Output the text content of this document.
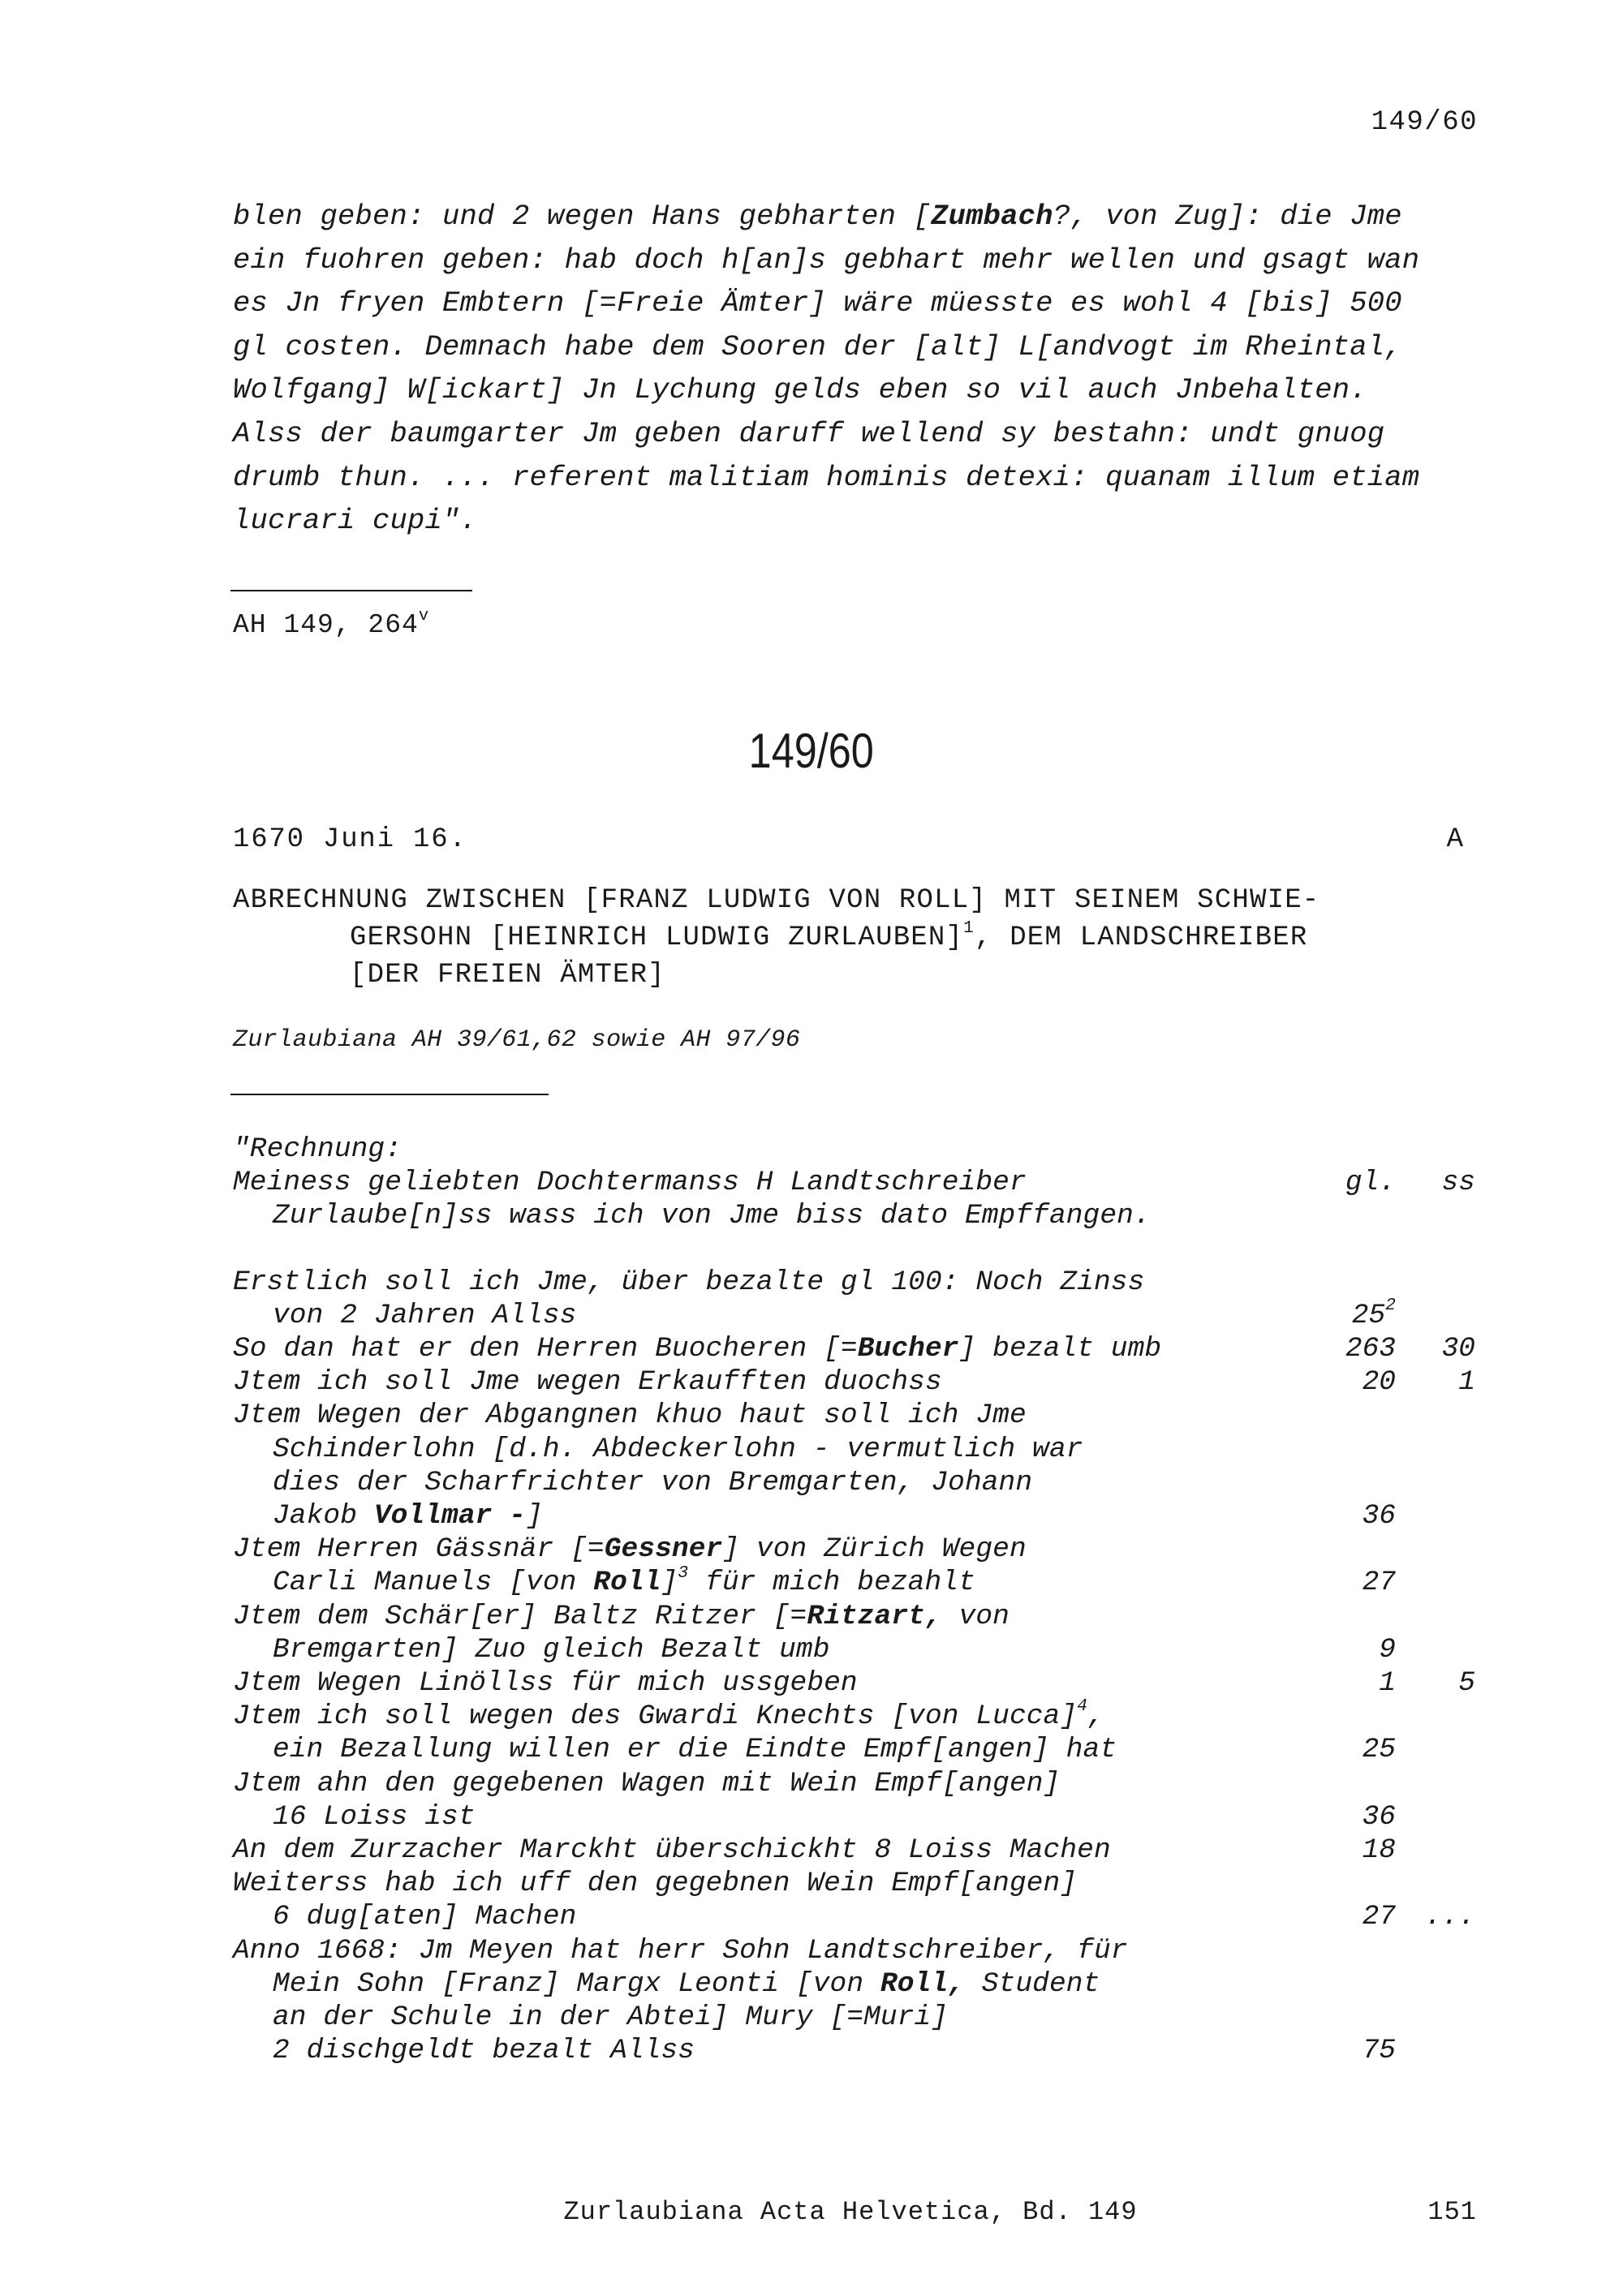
149/60
blen geben: und 2 wegen Hans gebharten [Zumbach?, von Zug]: die Jme
ein fuohren geben: hab doch h[an]s gebhart mehr wellen und gsagt wan
es Jn fryen Embtern [=Freie Ämter] wäre müesste es wohl 4 [bis] 500
gl costen. Demnach habe dem Sooren der [alt] L[andvogt im Rheintal,
Wolfgang] W[ickart] Jn Lychung gelds eben so vil auch Jnbehalten.
Alss der baumgarter Jm geben daruff wellend sy bestahn: undt gnuog
drumb thun. ... referent malitiam hominis detexi: quanam illum etiam
lucrari cupi".
AH 149, 264$^v$
149/60
1670 Juni 16.	A
ABRECHNUNG ZWISCHEN [FRANZ LUDWIG VON ROLL] MIT SEINEM SCHWIE-
GERSOHN [HEINRICH LUDWIG ZURLAUBEN]$^1$, DEM LANDSCHREIBER
[DER FREIEN ÄMTER]
Zurlaubiana AH 39/61,62 sowie AH 97/96
"Rechnung:
Meiness geliebten Dochtermanss H Landtschreiber	gl. ss
Zurlaube[n]ss wass ich von Jme biss dato Empffangen.
Erstlich soll ich Jme, über bezalte gl 100: Noch Zinss
von 2 Jahren Allss	$25^2$
So dan hat er den Herren Buocheren [=Bucher] bezalt umb	263 30
Jtem ich soll Jme wegen Erkaufften duochss	20 1
Jtem Wegen der Abgangnen khuo haut soll ich Jme
Schinderlohn [d.h. Abdeckerlohn - vermutlich war
dies der Scharfrichter von Bremgarten, Johann
Jakob Vollmar -]	36
Jtem Herren Gässnär [=Gessner] von Zürich Wegen
Carli Manuels [von Roll]$^3$ für mich bezahlt	27
Jtem dem Schär[er] Baltz Ritzer [=Ritzart, von
Bremgarten] Zuo gleich Bezalt umb	9
Jtem Wegen Linöllss für mich ussgeben	1 5
Jtem ich soll wegen des Gwardi Knechts [von Lucca]$^4$,
ein Bezallung willen er die Eindte Empf[angen] hat	25
Jtem ahn den gegebenen Wagen mit Wein Empf[angen]
16 Loiss ist	36
An dem Zurzacher Marckht überschickht 8 Loiss Machen	18
Weiterss hab ich uff den gegebnen Wein Empf[angen]
6 dug[aten] Machen	27 ...
Anno 1668: Jm Meyen hat herr Sohn Landtschreiber, für
Mein Sohn [Franz] Margx Leonti [von Roll, Student
an der Schule in der Abtei] Mury [=Muri]
2 dischgeldt bezalt Allss	75
Zurlaubiana Acta Helvetica, Bd. 149	151
